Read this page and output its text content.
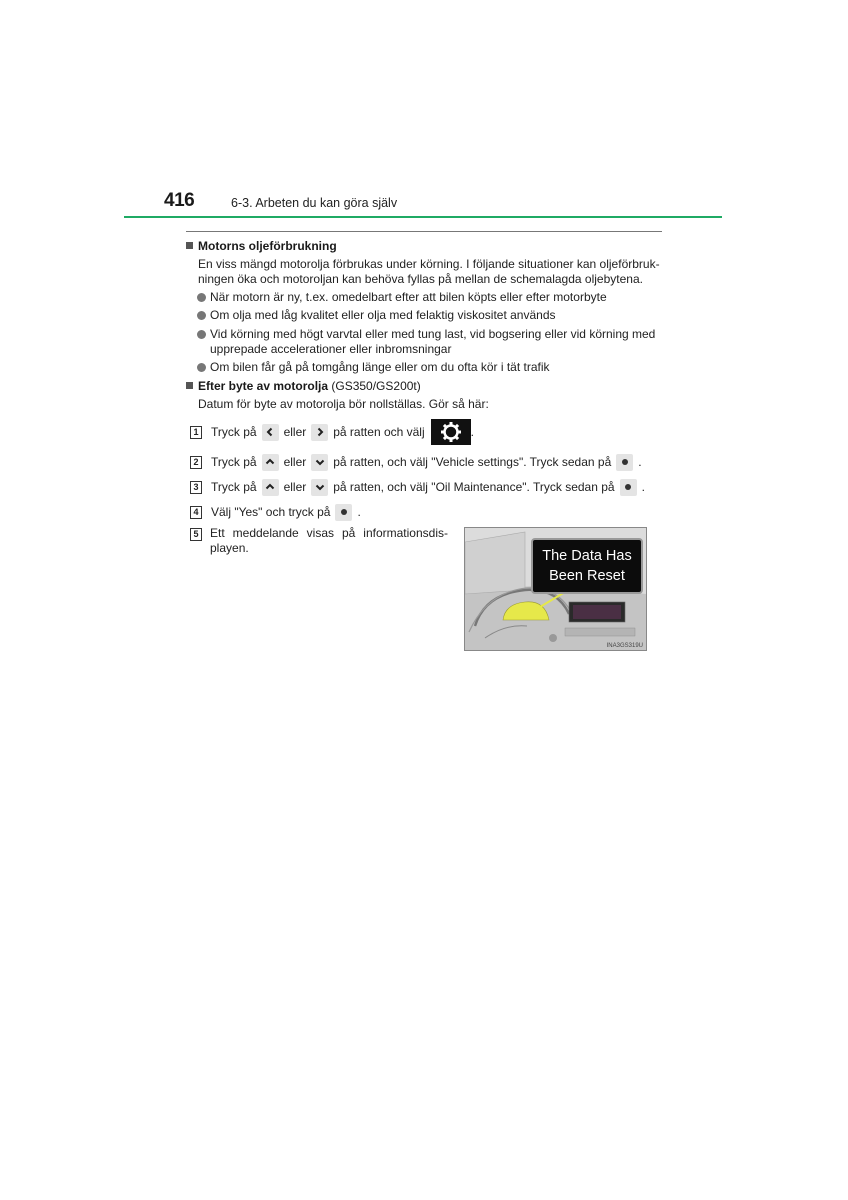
416	6-3. Arbeten du kan göra själv
Motorns oljeförbrukning
En viss mängd motorolja förbrukas under körning. I följande situationer kan oljeförbruk-
ningen öka och motoroljan kan behöva fyllas på mellan de schemalagda oljebytena.
När motorn är ny, t.ex. omedelbart efter att bilen köpts eller efter motorbyte
Om olja med låg kvalitet eller olja med felaktig viskositet används
Vid körning med högt varvtal eller med tung last, vid bogsering eller vid körning med
upprepade accelerationer eller inbromsningar
Om bilen får gå på tomgång länge eller om du ofta kör i tät trafik
Efter byte av motorolja (GS350/GS200t)
Datum för byte av motorolja bör nollställas. Gör så här:
1 Tryck på eller på ratten och välj	.
2 Tryck på eller på ratten, och välj "Vehicle settings". Tryck sedan på .
3 Tryck på eller på ratten, och välj "Oil Maintenance". Tryck sedan på .
4 Välj "Yes" och tryck på .
5 Ett meddelande visas på informationsdis-
playen.	The Data Has
Been Reset
INA3GS319U
